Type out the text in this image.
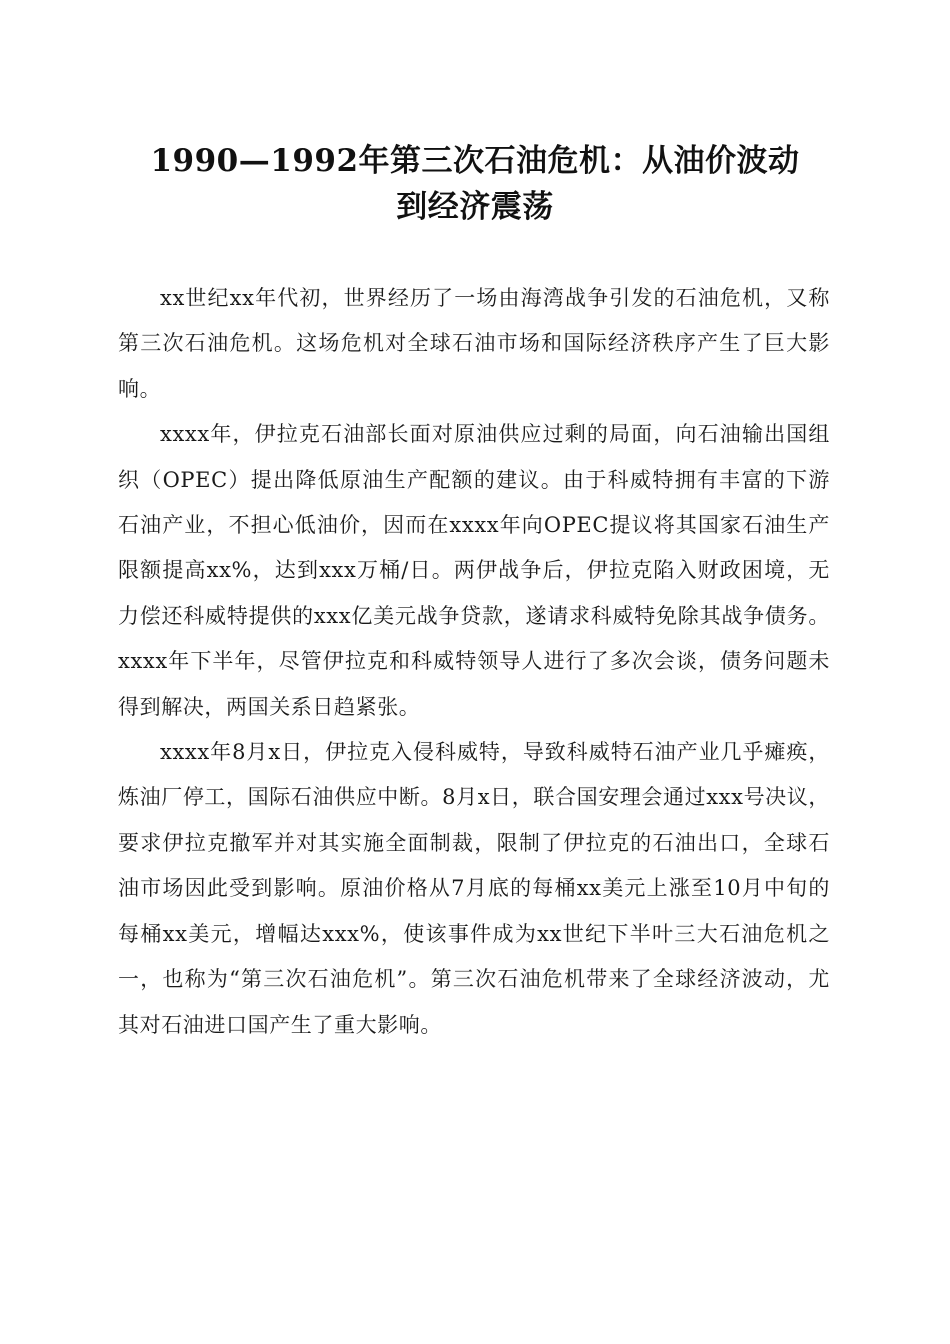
1990—1992年第三次石油危机：从油价波动
到经济震荡

xx世纪xx年代初，世界经历了一场由海湾战争引发的石油危机，又称第三次石油危机。这场危机对全球石油市场和国际经济秩序产生了巨大影响。

xxxx年，伊拉克石油部长面对原油供应过剩的局面，向石油输出国组织（OPEC）提出降低原油生产配额的建议。由于科威特拥有丰富的下游石油产业，不担心低油价，因而在xxxx年向OPEC提议将其国家石油生产限额提高xx%，达到xxx万桶/日。两伊战争后，伊拉克陷入财政困境，无力偿还科威特提供的xxx亿美元战争贷款，遂请求科威特免除其战争债务。xxxx年下半年，尽管伊拉克和科威特领导人进行了多次会谈，债务问题未得到解决，两国关系日趋紧张。

xxxx年8月x日，伊拉克入侵科威特，导致科威特石油产业几乎瘫痪，炼油厂停工，国际石油供应中断。8月x日，联合国安理会通过xxx号决议，要求伊拉克撤军并对其实施全面制裁，限制了伊拉克的石油出口，全球石油市场因此受到影响。原油价格从7月底的每桶xx美元上涨至10月中旬的每桶xx美元，增幅达xxx%，使该事件成为xx世纪下半叶三大石油危机之一，也称为“第三次石油危机”。第三次石油危机带来了全球经济波动，尤其对石油进口国产生了重大影响。
